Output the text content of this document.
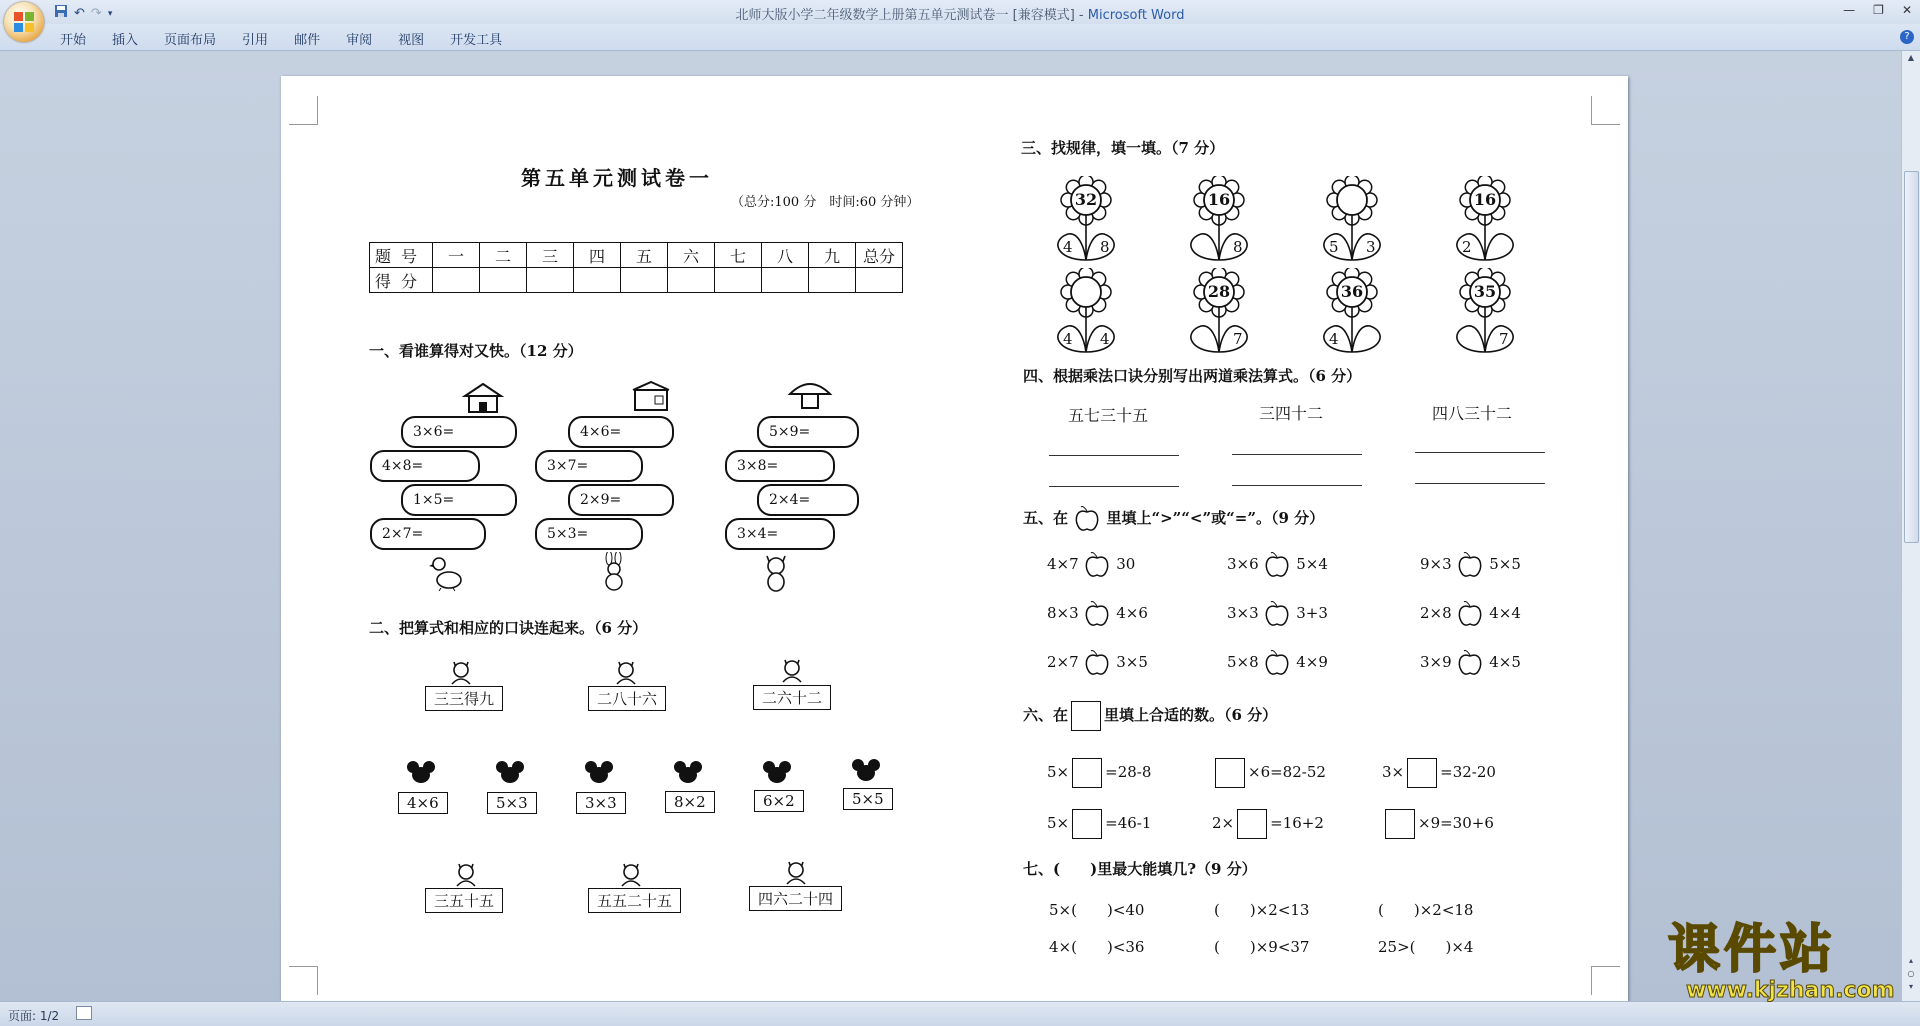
↶ ↷ ▾	北师大版小学二年级数学上册第五单元测试卷一 [兼容模式] - Microsoft Word	— ❐ ✕
开始	插入	页面布局	引用	邮件	审阅	视图	开发工具	?
▲
▴
○
▾
第五单元测试卷一
（总分:100 分　时间:60 分钟）
题号	一	二	三	四	五	六	七	八	九	总分
得分										
一、看谁算得对又快。（12 分）
3×6=
4×8=
1×5=
2×7=
4×6=
3×7=
2×9=
5×3=
5×9=
3×8=
2×4=
3×4=
二、把算式和相应的口诀连起来。（6 分）
三三得九	二八十六	二六十二
4×6	5×3	3×3	8×2	6×2	5×5
三五十五	五五二十五	四六二十四
三、找规律，填一填。（7 分）
32
4 8
16
8	5 3
16
2
4 4
28
7
36
4
35
7
四、根据乘法口诀分别写出两道乘法算式。（6 分）
五七三十五	三四十二	四八三十二
五、在	里填上“>”“<”或“=”。（9 分）
4×7	30	3×6	5×4	9×3	5×5
8×3	4×6	3×3	3+3	2×8	4×4
2×7	3×5	5×8	4×9	3×9	4×5
六、在 里填上合适的数。（6 分）
5× =28-8	×6=82-52	3× =32-20
5× =46-1	2× =16+2	×9=30+6
七、(　　)里最大能填几?（9 分）
5×(　　)<40	(　　)×2<13	(　　)×2<18
4×(　　)<36	(　　)×9<37	25>(　　)×4
页面: 1/2
课件站
www.kjzhan.com
